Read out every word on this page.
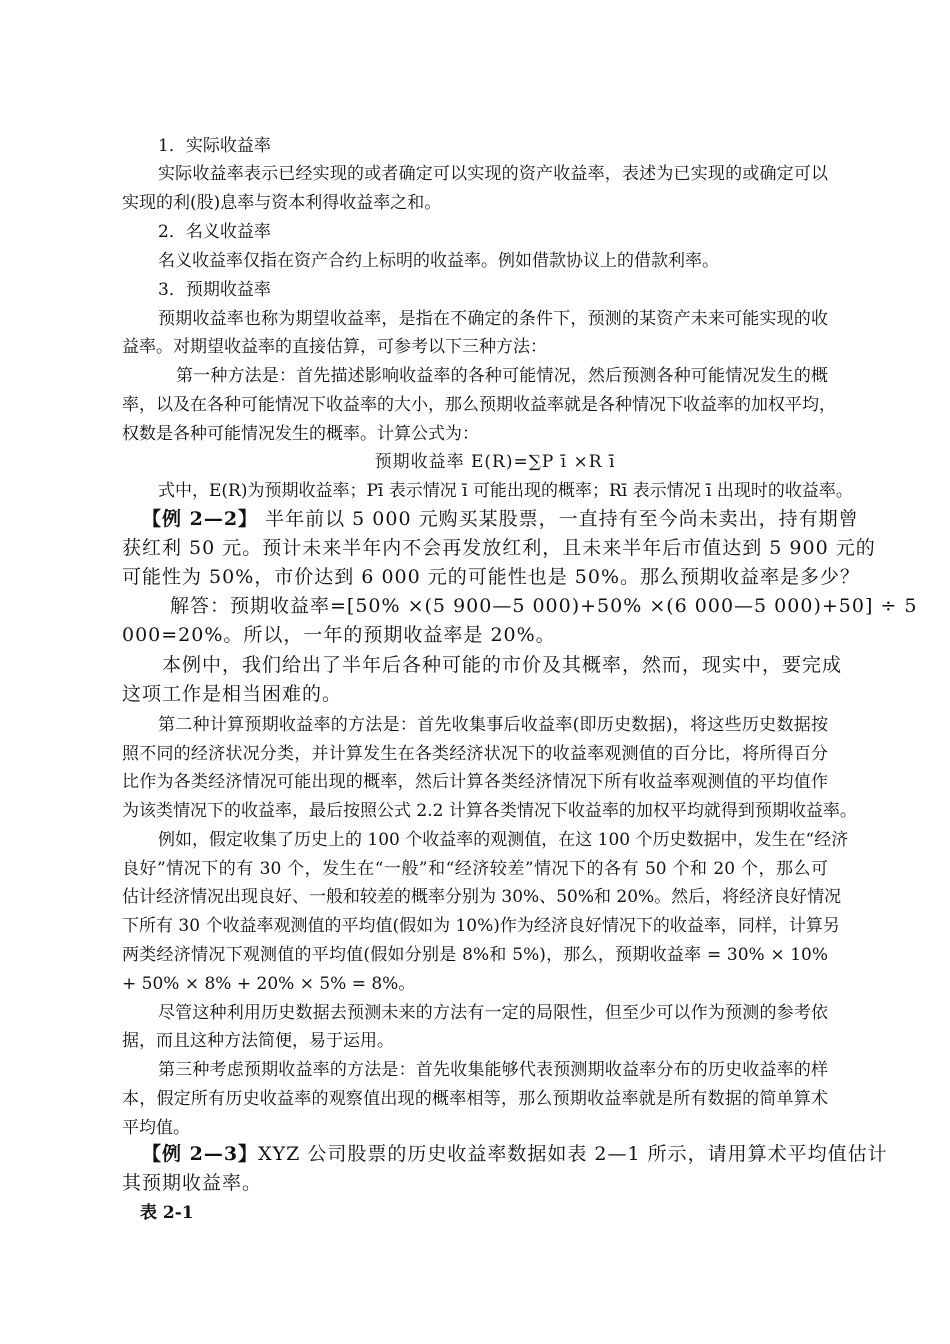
1．实际收益率

实际收益率表示已经实现的或者确定可以实现的资产收益率，表述为已实现的或确定可以

实现的利(股)息率与资本利得收益率之和。

2．名义收益率

名义收益率仅指在资产合约上标明的收益率。例如借款协议上的借款利率。

3．预期收益率

预期收益率也称为期望收益率，是指在不确定的条件下，预测的某资产未来可能实现的收

益率。对期望收益率的直接估算，可参考以下三种方法：

第一种方法是：首先描述影响收益率的各种可能情况，然后预测各种可能情况发生的概

率，以及在各种可能情况下收益率的大小，那么预期收益率就是各种情况下收益率的加权平均，

权数是各种可能情况发生的概率。计算公式为：

预期收益率 E(R)=∑P ī ×R ī

式中，E(R)为预期收益率；Pī 表示情况 ī 可能出现的概率；Rī 表示情况 ī 出现时的收益率。

【例 2—2】 半年前以 5 000 元购买某股票，一直持有至今尚未卖出，持有期曾

获红利 50 元。预计未来半年内不会再发放红利，且未来半年后市值达到 5 900 元的

可能性为 50%，市价达到 6 000 元的可能性也是 50%。那么预期收益率是多少？

解答：预期收益率=[50% ×(5 900—5 000)+50% ×(6 000—5 000)+50] ÷ 5

000=20%。所以，一年的预期收益率是 20%。

本例中，我们给出了半年后各种可能的市价及其概率，然而，现实中，要完成

这项工作是相当困难的。

第二种计算预期收益率的方法是：首先收集事后收益率(即历史数据)，将这些历史数据按

照不同的经济状况分类，并计算发生在各类经济状况下的收益率观测值的百分比，将所得百分

比作为各类经济情况可能出现的概率，然后计算各类经济情况下所有收益率观测值的平均值作

为该类情况下的收益率，最后按照公式 2.2 计算各类情况下收益率的加权平均就得到预期收益率。

例如，假定收集了历史上的 100 个收益率的观测值，在这 100 个历史数据中，发生在“经济

良好”情况下的有 30 个，发生在“一般”和“经济较差”情况下的各有 50 个和 20 个，那么可

估计经济情况出现良好、一般和较差的概率分别为 30%、50%和 20%。然后，将经济良好情况

下所有 30 个收益率观测值的平均值(假如为 10%)作为经济良好情况下的收益率，同样，计算另

两类经济情况下观测值的平均值(假如分别是 8%和 5%)，那么，预期收益率 = 30% × 10%

+ 50% × 8% + 20% × 5% = 8%。

尽管这种利用历史数据去预测未来的方法有一定的局限性，但至少可以作为预测的参考依

据，而且这种方法简便，易于运用。

第三种考虑预期收益率的方法是：首先收集能够代表预测期收益率分布的历史收益率的样

本，假定所有历史收益率的观察值出现的概率相等，那么预期收益率就是所有数据的简单算术

平均值。

【例 2—3】XYZ 公司股票的历史收益率数据如表 2—1 所示，请用算术平均值估计

其预期收益率。

表 2-1
